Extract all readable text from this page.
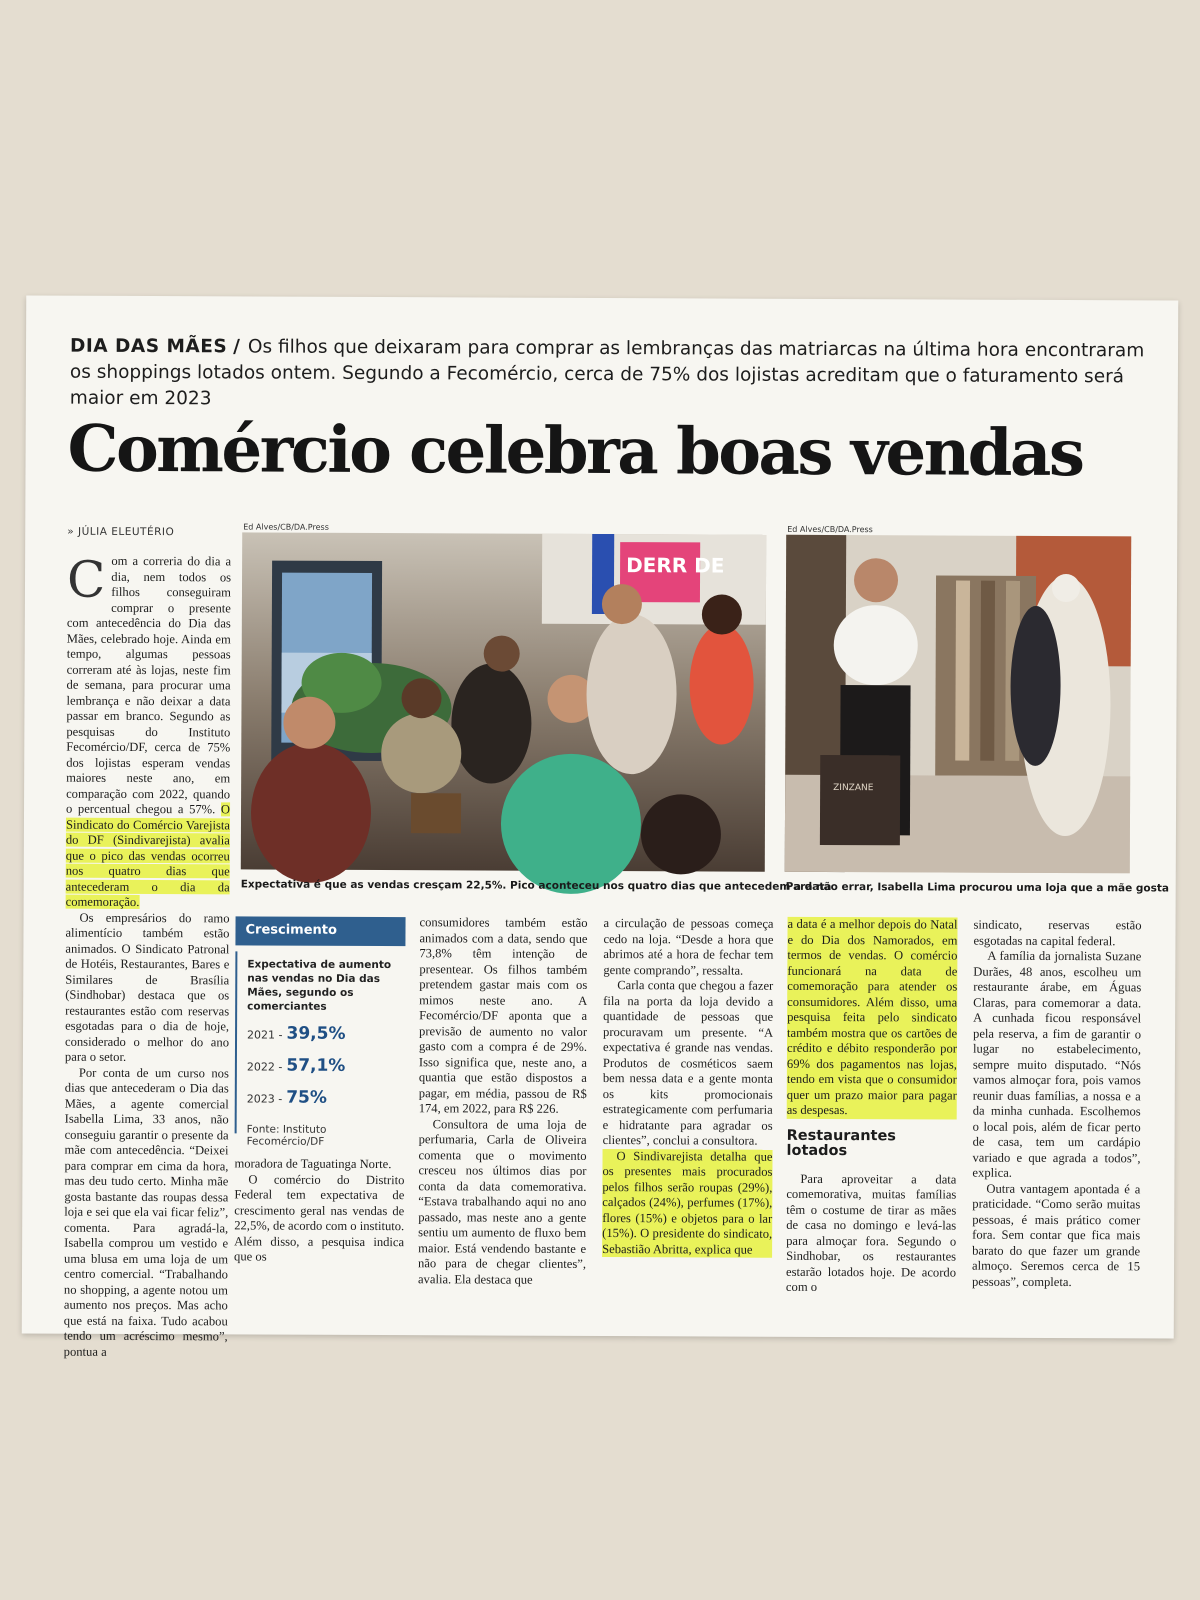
DIA DAS MÃES / Os filhos que deixaram para comprar as lembranças das matriarcas na última hora encontraram os shoppings lotados ontem. Segundo a Fecomércio, cerca de 75% dos lojistas acreditam que o faturamento será maior em 2023
Comércio celebra boas vendas
» JÚLIA ELEUTÉRIO	Ed Alves/CB/DA.Press
DERR DE
Expectativa é que as vendas cresçam 22,5%. Pico aconteceu nos quatro dias que antecedem a data
Ed Alves/CB/DA.Press
ZINZANE
Para não errar, Isabella Lima procurou uma loja que a mãe gosta

Com a correria do dia a dia, nem todos os filhos conseguiram comprar o presente com antecedência do Dia das Mães, celebrado hoje. Ainda em tempo, algumas pessoas correram até às lojas, neste fim de semana, para procurar uma lembrança e não deixar a data passar em branco. Segundo as pesquisas do Instituto Fecomércio/DF, cerca de 75% dos lojistas esperam vendas maiores neste ano, em comparação com 2022, quando o percentual chegou a 57%. O Sindicato do Comércio Varejista do DF (Sindivarejista) avalia que o pico das vendas ocorreu nos quatro dias que antecederam o dia da comemoração.

Os empresários do ramo alimentício também estão animados. O Sindicato Patronal de Hotéis, Restaurantes, Bares e Similares de Brasília (Sindhobar) destaca que os restaurantes estão com reservas esgotadas para o dia de hoje, considerado o melhor do ano para o setor.

Por conta de um curso nos dias que antecederam o Dia das Mães, a agente comercial Isabella Lima, 33 anos, não conseguiu garantir o presente da mãe com antecedência. “Deixei para comprar em cima da hora, mas deu tudo certo. Minha mãe gosta bastante das roupas dessa loja e sei que ela vai ficar feliz”, comenta. Para agradá-la, Isabella comprou um vestido e uma blusa em uma loja de um centro comercial. “Trabalhando no shopping, a agente notou um aumento nos preços. Mas acho que está na faixa. Tudo acabou tendo um acréscimo mesmo”, pontua a

Crescimento
Expectativa de aumento nas vendas no Dia das Mães, segundo os comerciantes
2021 - 39,5%
2022 - 57,1%
2023 - 75%
Fonte: Instituto Fecomércio/DF

moradora de Taguatinga Norte.

O comércio do Distrito Federal tem expectativa de crescimento geral nas vendas de 22,5%, de acordo com o instituto. Além disso, a pesquisa indica que os

consumidores também estão animados com a data, sendo que 73,8% têm intenção de presentear. Os filhos também pretendem gastar mais com os mimos neste ano. A Fecomércio/DF aponta que a previsão de aumento no valor gasto com a compra é de 29%. Isso significa que, neste ano, a quantia que estão dispostos a pagar, em média, passou de R$ 174, em 2022, para R$ 226.

Consultora de uma loja de perfumaria, Carla de Oliveira comenta que o movimento cresceu nos últimos dias por conta da data comemorativa. “Estava trabalhando aqui no ano passado, mas neste ano a gente sentiu um aumento de fluxo bem maior. Está vendendo bastante e não para de chegar clientes”, avalia. Ela destaca que

a circulação de pessoas começa cedo na loja. “Desde a hora que abrimos até a hora de fechar tem gente comprando”, ressalta.

Carla conta que chegou a fazer fila na porta da loja devido a quantidade de pessoas que procuravam um presente. “A expectativa é grande nas vendas. Produtos de cosméticos saem bem nessa data e a gente monta os kits promocionais estrategicamente com perfumaria e hidratante para agradar os clientes”, conclui a consultora.

O Sindivarejista detalha que os presentes mais procurados pelos filhos serão roupas (29%), calçados (24%), perfumes (17%), flores (15%) e objetos para o lar (15%). O presidente do sindicato, Sebastião Abritta, explica que

a data é a melhor depois do Natal e do Dia dos Namorados, em termos de vendas. O comércio funcionará na data de comemoração para atender os consumidores. Além disso, uma pesquisa feita pelo sindicato também mostra que os cartões de crédito e débito responderão por 69% dos pagamentos nas lojas, tendo em vista que o consumidor quer um prazo maior para pagar as despesas.

Restaurantes lotados

Para aproveitar a data comemorativa, muitas famílias têm o costume de tirar as mães de casa no domingo e levá-las para almoçar fora. Segundo o Sindhobar, os restaurantes estarão lotados hoje. De acordo com o

sindicato, reservas estão esgotadas na capital federal.

A família da jornalista Suzane Durães, 48 anos, escolheu um restaurante árabe, em Águas Claras, para comemorar a data. A cunhada ficou responsável pela reserva, a fim de garantir o lugar no estabelecimento, sempre muito disputado. “Nós vamos almoçar fora, pois vamos reunir duas famílias, a nossa e a da minha cunhada. Escolhemos o local pois, além de ficar perto de casa, tem um cardápio variado e que agrada a todos”, explica.

Outra vantagem apontada é a praticidade. “Como serão muitas pessoas, é mais prático comer fora. Sem contar que fica mais barato do que fazer um grande almoço. Seremos cerca de 15 pessoas”, completa.
